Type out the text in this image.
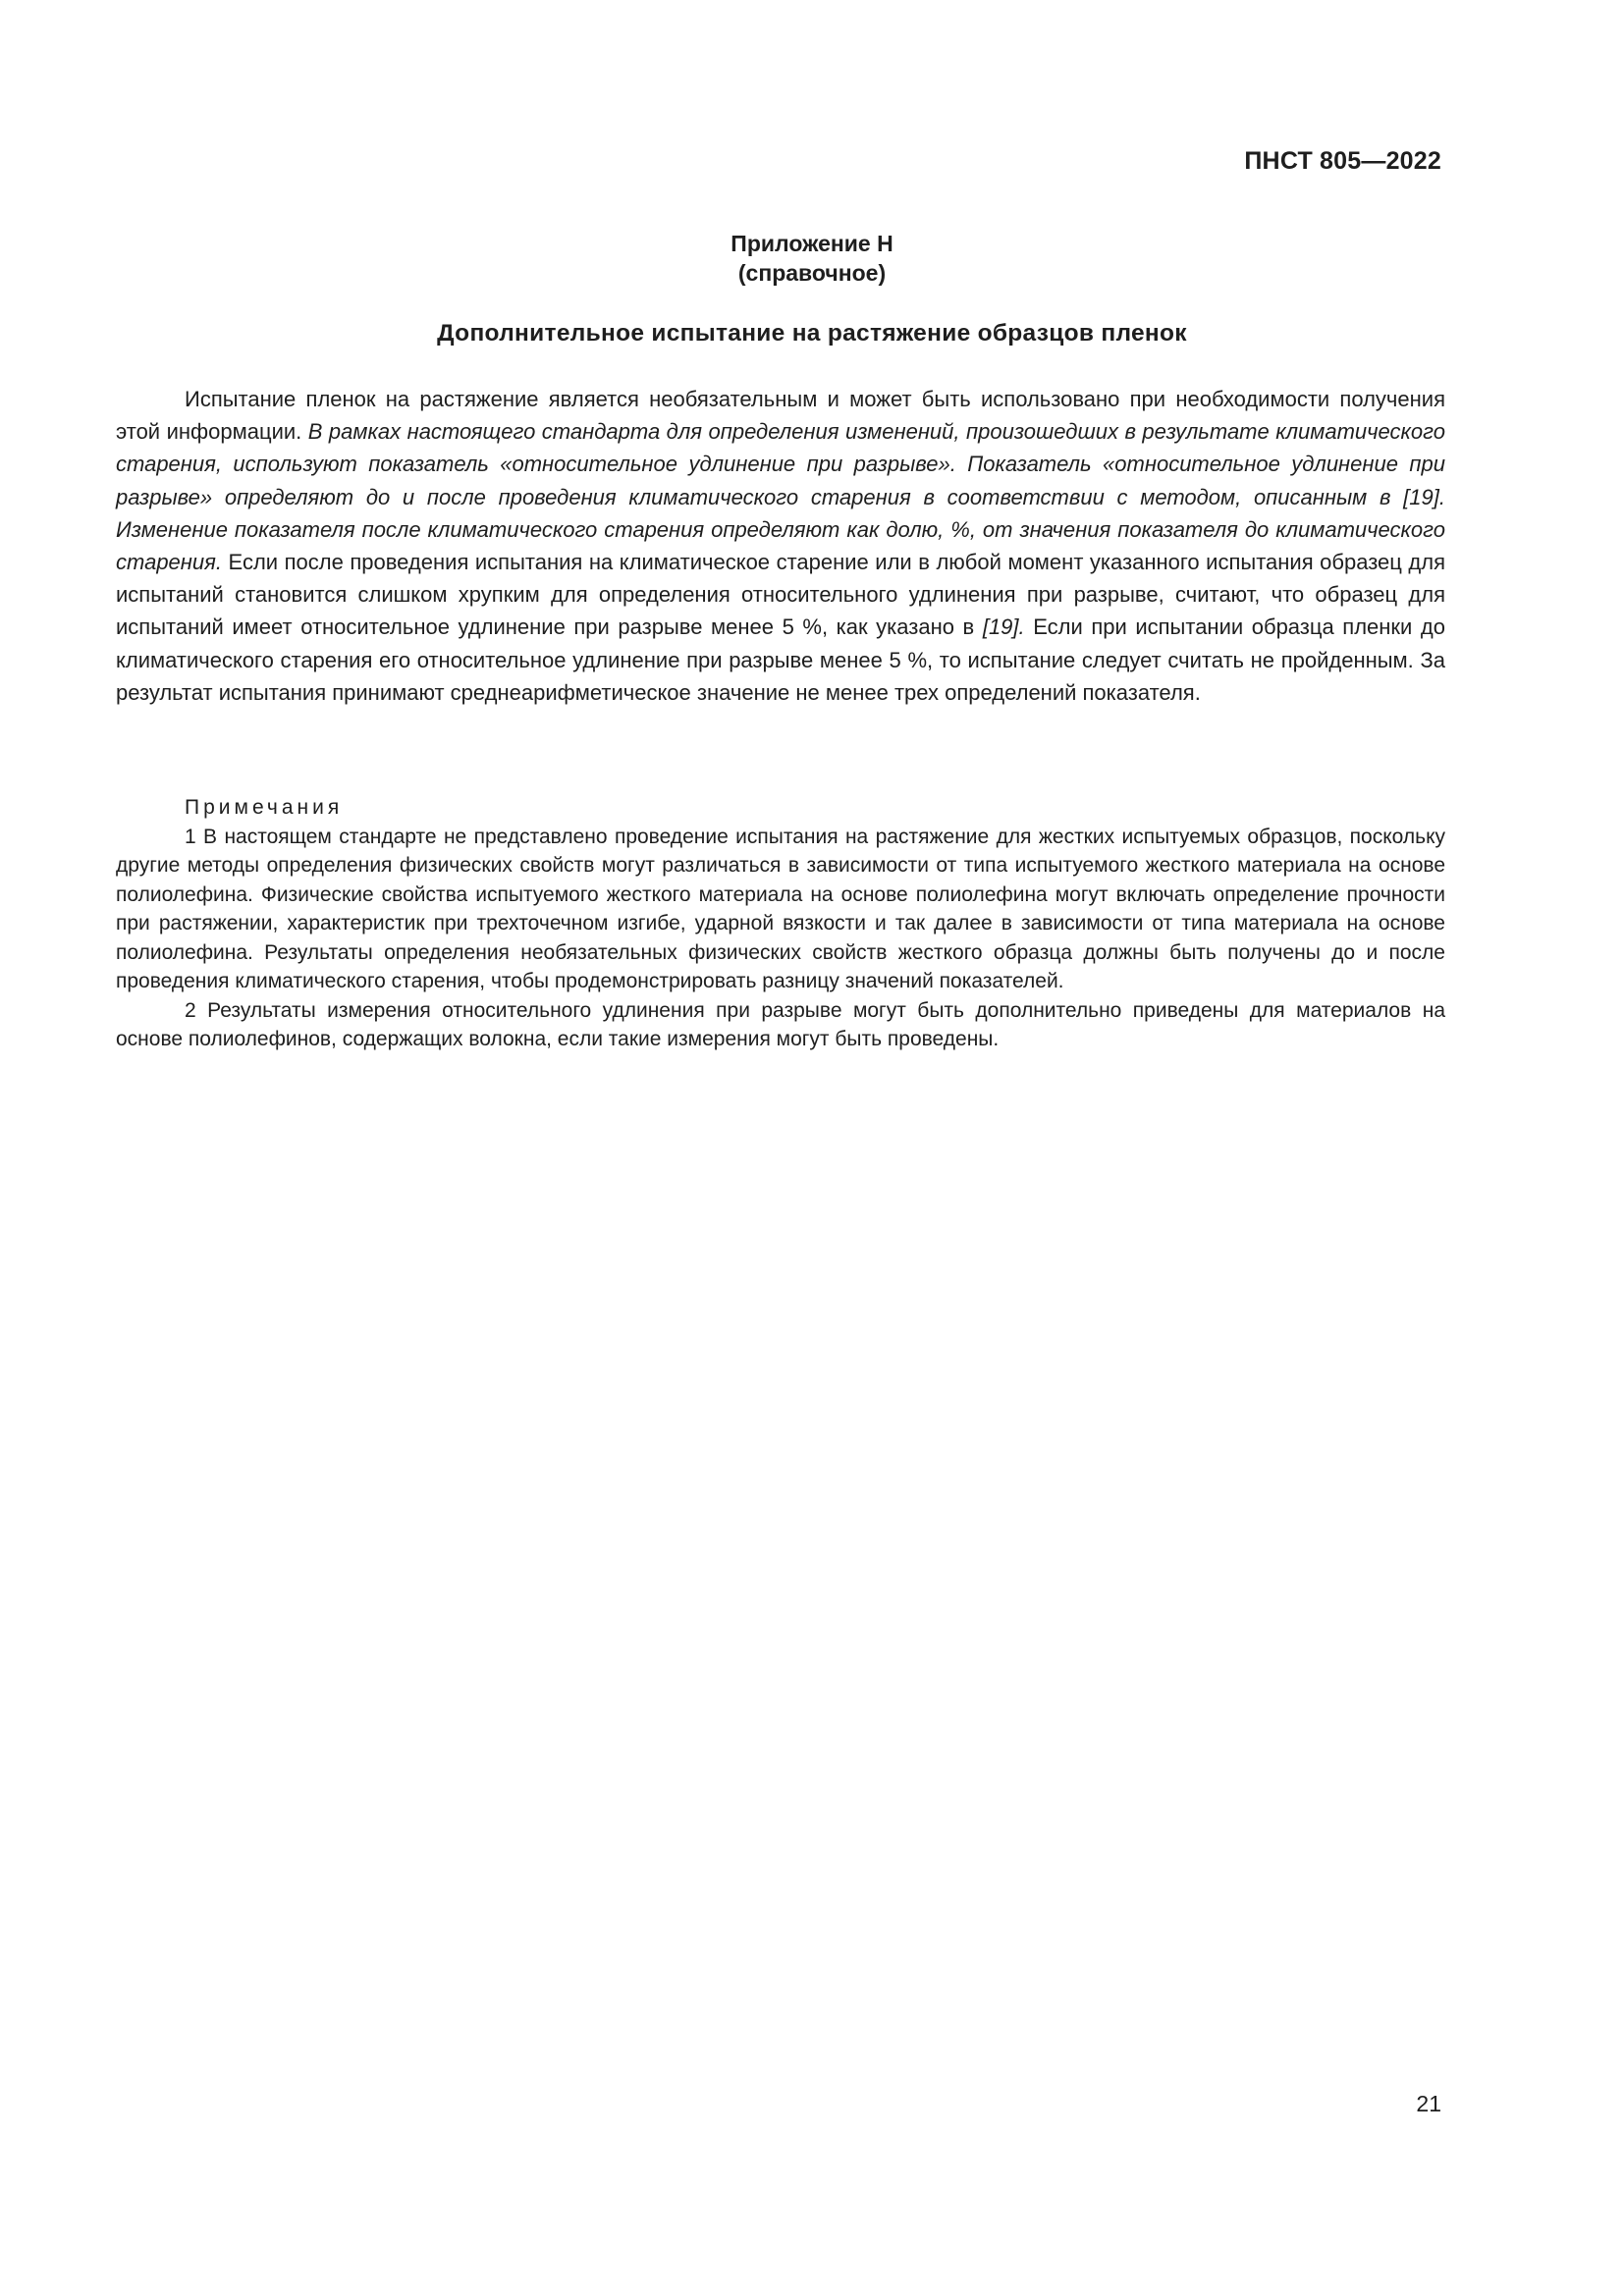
ПНСТ 805—2022
Приложение Н
(справочное)
Дополнительное испытание на растяжение образцов пленок

Испытание пленок на растяжение является необязательным и может быть использовано при необходимости получения этой информации. В рамках настоящего стандарта для определения изменений, произошедших в результате климатического старения, используют показатель «относительное удлинение при разрыве». Показатель «относительное удлинение при разрыве» определяют до и после проведения климатического старения в соответствии с методом, описанным в [19]. Изменение показателя после климатического старения определяют как долю, %, от значения показателя до климатического старения. Если после проведения испытания на климатическое старение или в любой момент указанного испытания образец для испытаний становится слишком хрупким для определения относительного удлинения при разрыве, считают, что образец для испытаний имеет относительное удлинение при разрыве менее 5 %, как указано в [19]. Если при испытании образца пленки до климатического старения его относительное удлинение при разрыве менее 5 %, то испытание следует считать не пройденным. За результат испытания принимают среднеарифметическое значение не менее трех определений показателя.

Примечания

1 В настоящем стандарте не представлено проведение испытания на растяжение для жестких испытуемых образцов, поскольку другие методы определения физических свойств могут различаться в зависимости от типа испытуемого жесткого материала на основе полиолефина. Физические свойства испытуемого жесткого материала на основе полиолефина могут включать определение прочности при растяжении, характеристик при трехточечном изгибе, ударной вязкости и так далее в зависимости от типа материала на основе полиолефина. Результаты определения необязательных физических свойств жесткого образца должны быть получены до и после проведения климатического старения, чтобы продемонстрировать разницу значений показателей.

2 Результаты измерения относительного удлинения при разрыве могут быть дополнительно приведены для материалов на основе полиолефинов, содержащих волокна, если такие измерения могут быть проведены.

21
